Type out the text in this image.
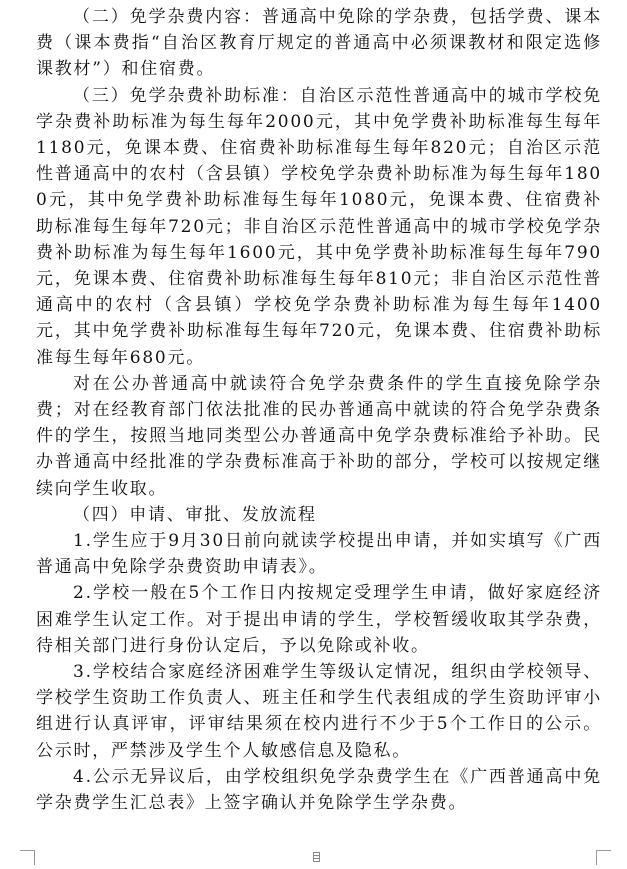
（二）免学杂费内容：普通高中免除的学杂费，包括学费、课本费（课本费指“自治区教育厅规定的普通高中必须课教材和限定选修课教材”）和住宿费。

（三）免学杂费补助标准：自治区示范性普通高中的城市学校免学杂费补助标准为每生每年2000元，其中免学费补助标准每生每年1180元，免课本费、住宿费补助标准每生每年820元；自治区示范性普通高中的农村（含县镇）学校免学杂费补助标准为每生每年1800元，其中免学费补助标准每生每年1080元，免课本费、住宿费补助标准每生每年720元；非自治区示范性普通高中的城市学校免学杂费补助标准为每生每年1600元，其中免学费补助标准每生每年790元，免课本费、住宿费补助标准每生每年810元；非自治区示范性普通高中的农村（含县镇）学校免学杂费补助标准为每生每年1400元，其中免学费补助标准每生每年720元，免课本费、住宿费补助标准每生每年680元。

对在公办普通高中就读符合免学杂费条件的学生直接免除学杂费；对在经教育部门依法批准的民办普通高中就读的符合免学杂费条件的学生，按照当地同类型公办普通高中免学杂费标准给予补助。民办普通高中经批准的学杂费标准高于补助的部分，学校可以按规定继续向学生收取。

（四）申请、审批、发放流程

1.学生应于9月30日前向就读学校提出申请，并如实填写《广西普通高中免除学杂费资助申请表》。

2.学校一般在5个工作日内按规定受理学生申请，做好家庭经济困难学生认定工作。对于提出申请的学生，学校暂缓收取其学杂费，待相关部门进行身份认定后，予以免除或补收。

3.学校结合家庭经济困难学生等级认定情况，组织由学校领导、学校学生资助工作负责人、班主任和学生代表组成的学生资助评审小组进行认真评审，评审结果须在校内进行不少于5个工作日的公示。公示时，严禁涉及学生个人敏感信息及隐私。

4.公示无异议后，由学校组织免学杂费学生在《广西普通高中免学杂费学生汇总表》上签字确认并免除学生学杂费。
